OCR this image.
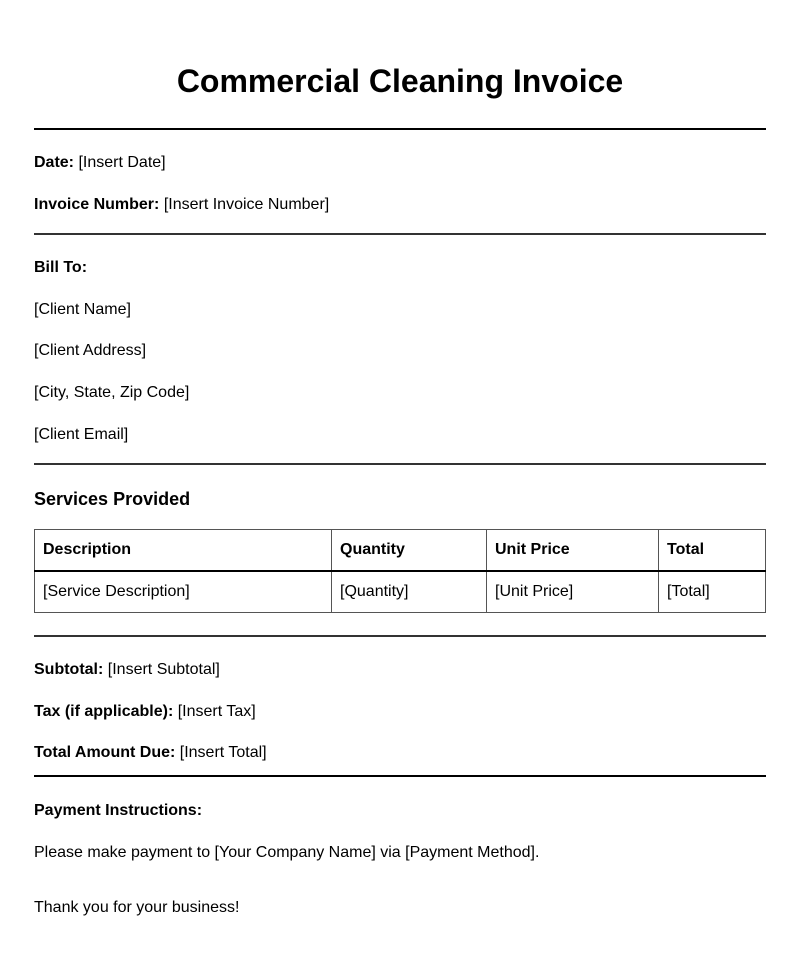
Commercial Cleaning Invoice
Date: [Insert Date]
Invoice Number: [Insert Invoice Number]
Bill To:
[Client Name]
[Client Address]
[City, State, Zip Code]
[Client Email]
Services Provided
Description	Quantity	Unit Price	Total
[Service Description]	[Quantity]	[Unit Price]	[Total]
Subtotal: [Insert Subtotal]
Tax (if applicable): [Insert Tax]
Total Amount Due: [Insert Total]
Payment Instructions:
Please make payment to [Your Company Name] via [Payment Method].
Thank you for your business!
